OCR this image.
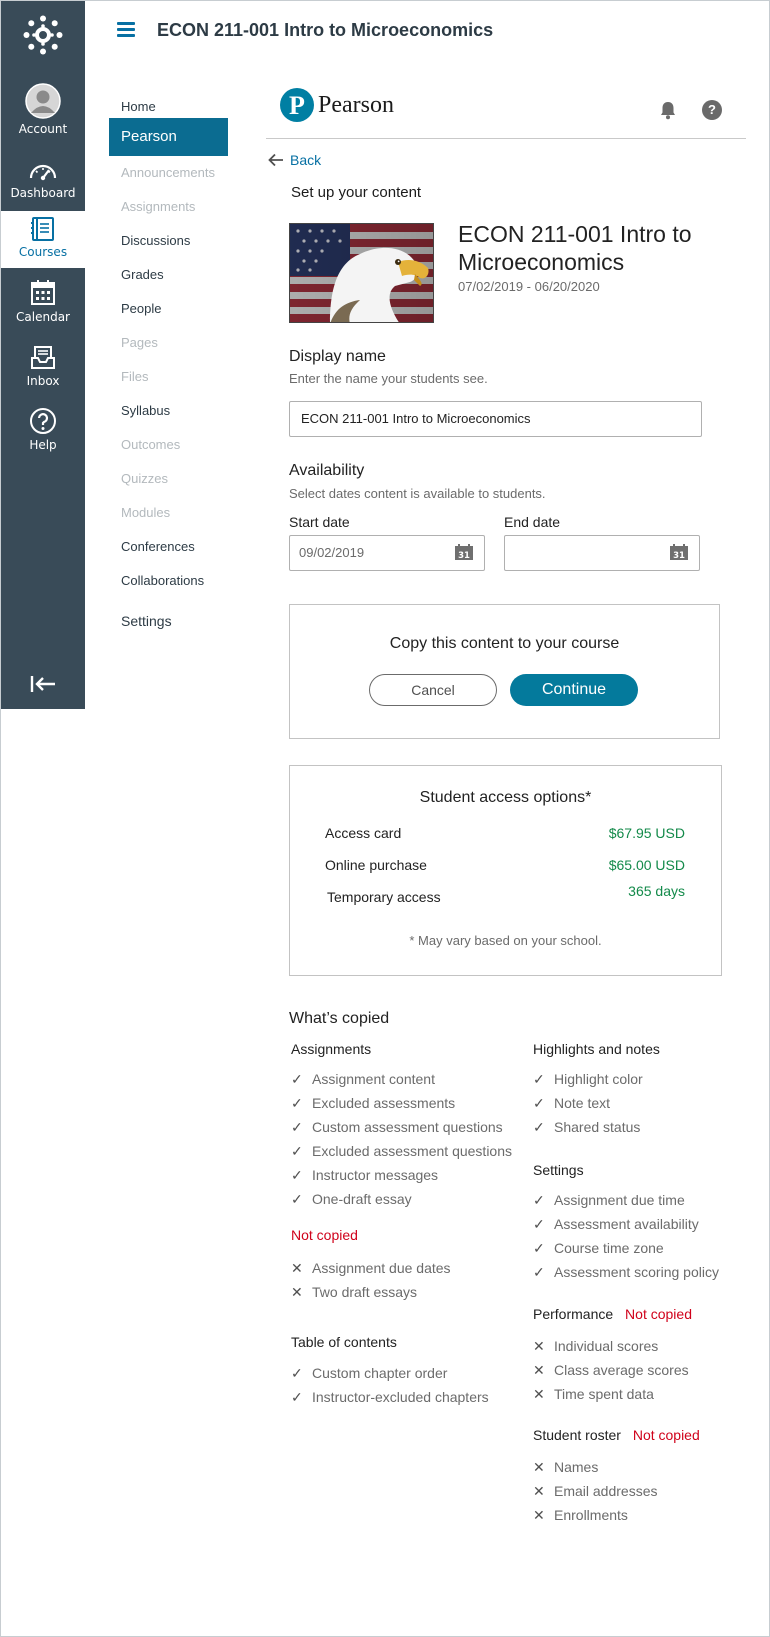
Account
Dashboard
Courses
Calendar
Inbox
Help
ECON 211-001 Intro to Microeconomics
Home
Pearson
Announcements
Assignments
Discussions
Grades
People
Pages
Files
Syllabus
Outcomes
Quizzes
Modules
Conferences
Collaborations
Settings
P Pearson	?
Back
Set up your content
ECON 211-001 Intro to Microeconomics
07/02/2019 - 06/20/2020
Display name
Enter the name your students see.
ECON 211-001 Intro to Microeconomics
Availability
Select dates content is available to students.
Start date	End date
09/02/2019	31	31
Copy this content to your course
Cancel	Continue
Student access options*
Access card	$67.95 USD
Online purchase	$65.00 USD
Temporary access	365 days
* May vary based on your school.
What’s copied
Assignments
✓ Assignment content
✓ Excluded assessments
✓ Custom assessment questions
✓ Excluded assessment questions
✓ Instructor messages
✓ One-draft essay
Not copied
✕ Assignment due dates
✕ Two draft essays
Table of contents
✓ Custom chapter order
✓ Instructor-excluded chapters
Highlights and notes
✓ Highlight color
✓ Note text
✓ Shared status
Settings
✓ Assignment due time
✓ Assessment availability
✓ Course time zone
✓ Assessment scoring policy
Performance Not copied
✕ Individual scores
✕ Class average scores
✕ Time spent data
Student roster Not copied
✕ Names
✕ Email addresses
✕ Enrollments
